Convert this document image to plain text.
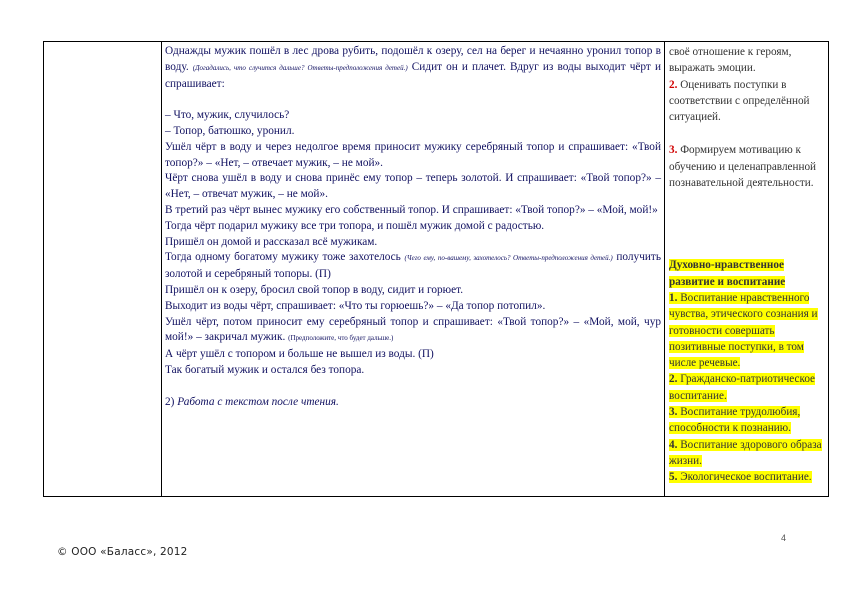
Однажды мужик пошёл в лес дрова рубить, подошёл к озеру, сел на берег и нечаянно уронил топор в воду. (Догадались, что случится дальше? Ответы-предположения детей.) Сидит он и плачет. Вдруг из воды выходит чёрт и спрашивает:

– Что, мужик, случилось?

– Топор, батюшко, уронил.

Ушёл чёрт в воду и через недолгое время приносит мужику серебряный топор и спрашивает: «Твой топор?» – «Нет, – отвечает мужик, – не мой».

Чёрт снова ушёл в воду и снова принёс ему топор – теперь золотой. И спрашивает: «Твой топор?» – «Нет, – отвечат мужик, – не мой».

В третий раз чёрт вынес мужику его собственный топор. И спрашивает: «Твой топор?» – «Мой, мой!»

Тогда чёрт подарил мужику все три топора, и пошёл мужик домой с радостью.

Пришёл он домой и рассказал всё мужикам.

Тогда одному богатому мужику тоже захотелось (Чего ему, по-вашему, захотелось? Ответы-предположения детей.) получить золотой и серебряный топоры. (П)

Пришёл он к озеру, бросил свой топор в воду, сидит и горюет.

Выходит из воды чёрт, спрашивает: «Что ты горюешь?» – «Да топор потопил».

Ушёл чёрт, потом приносит ему серебряный топор и спрашивает: «Твой топор?» – «Мой, мой, чур мой!» – закричал мужик. (Предположите, что будет дальше.)

А чёрт ушёл с топором и больше не вышел из воды. (П)

Так богатый мужик и остался без топора.

2) Работа с текстом после чтения.

своё отношение к героям, выражать эмоции.

2. Оценивать поступки в соответствии с определённой ситуацией.

3. Формируем мотивацию к обучению и целенаправленной познавательной деятельности.

Духовно-нравственное развитие и воспитание

1. Воспитание нравственного чувства, этического сознания и готовности совершать позитивные поступки, в том числе речевые.

2. Гражданско-патриотическое воспитание.

3. Воспитание трудолюбия, способности к познанию.

4. Воспитание здорового образа жизни.

5. Экологическое воспитание.

4
© ООО «Баласс», 2012
